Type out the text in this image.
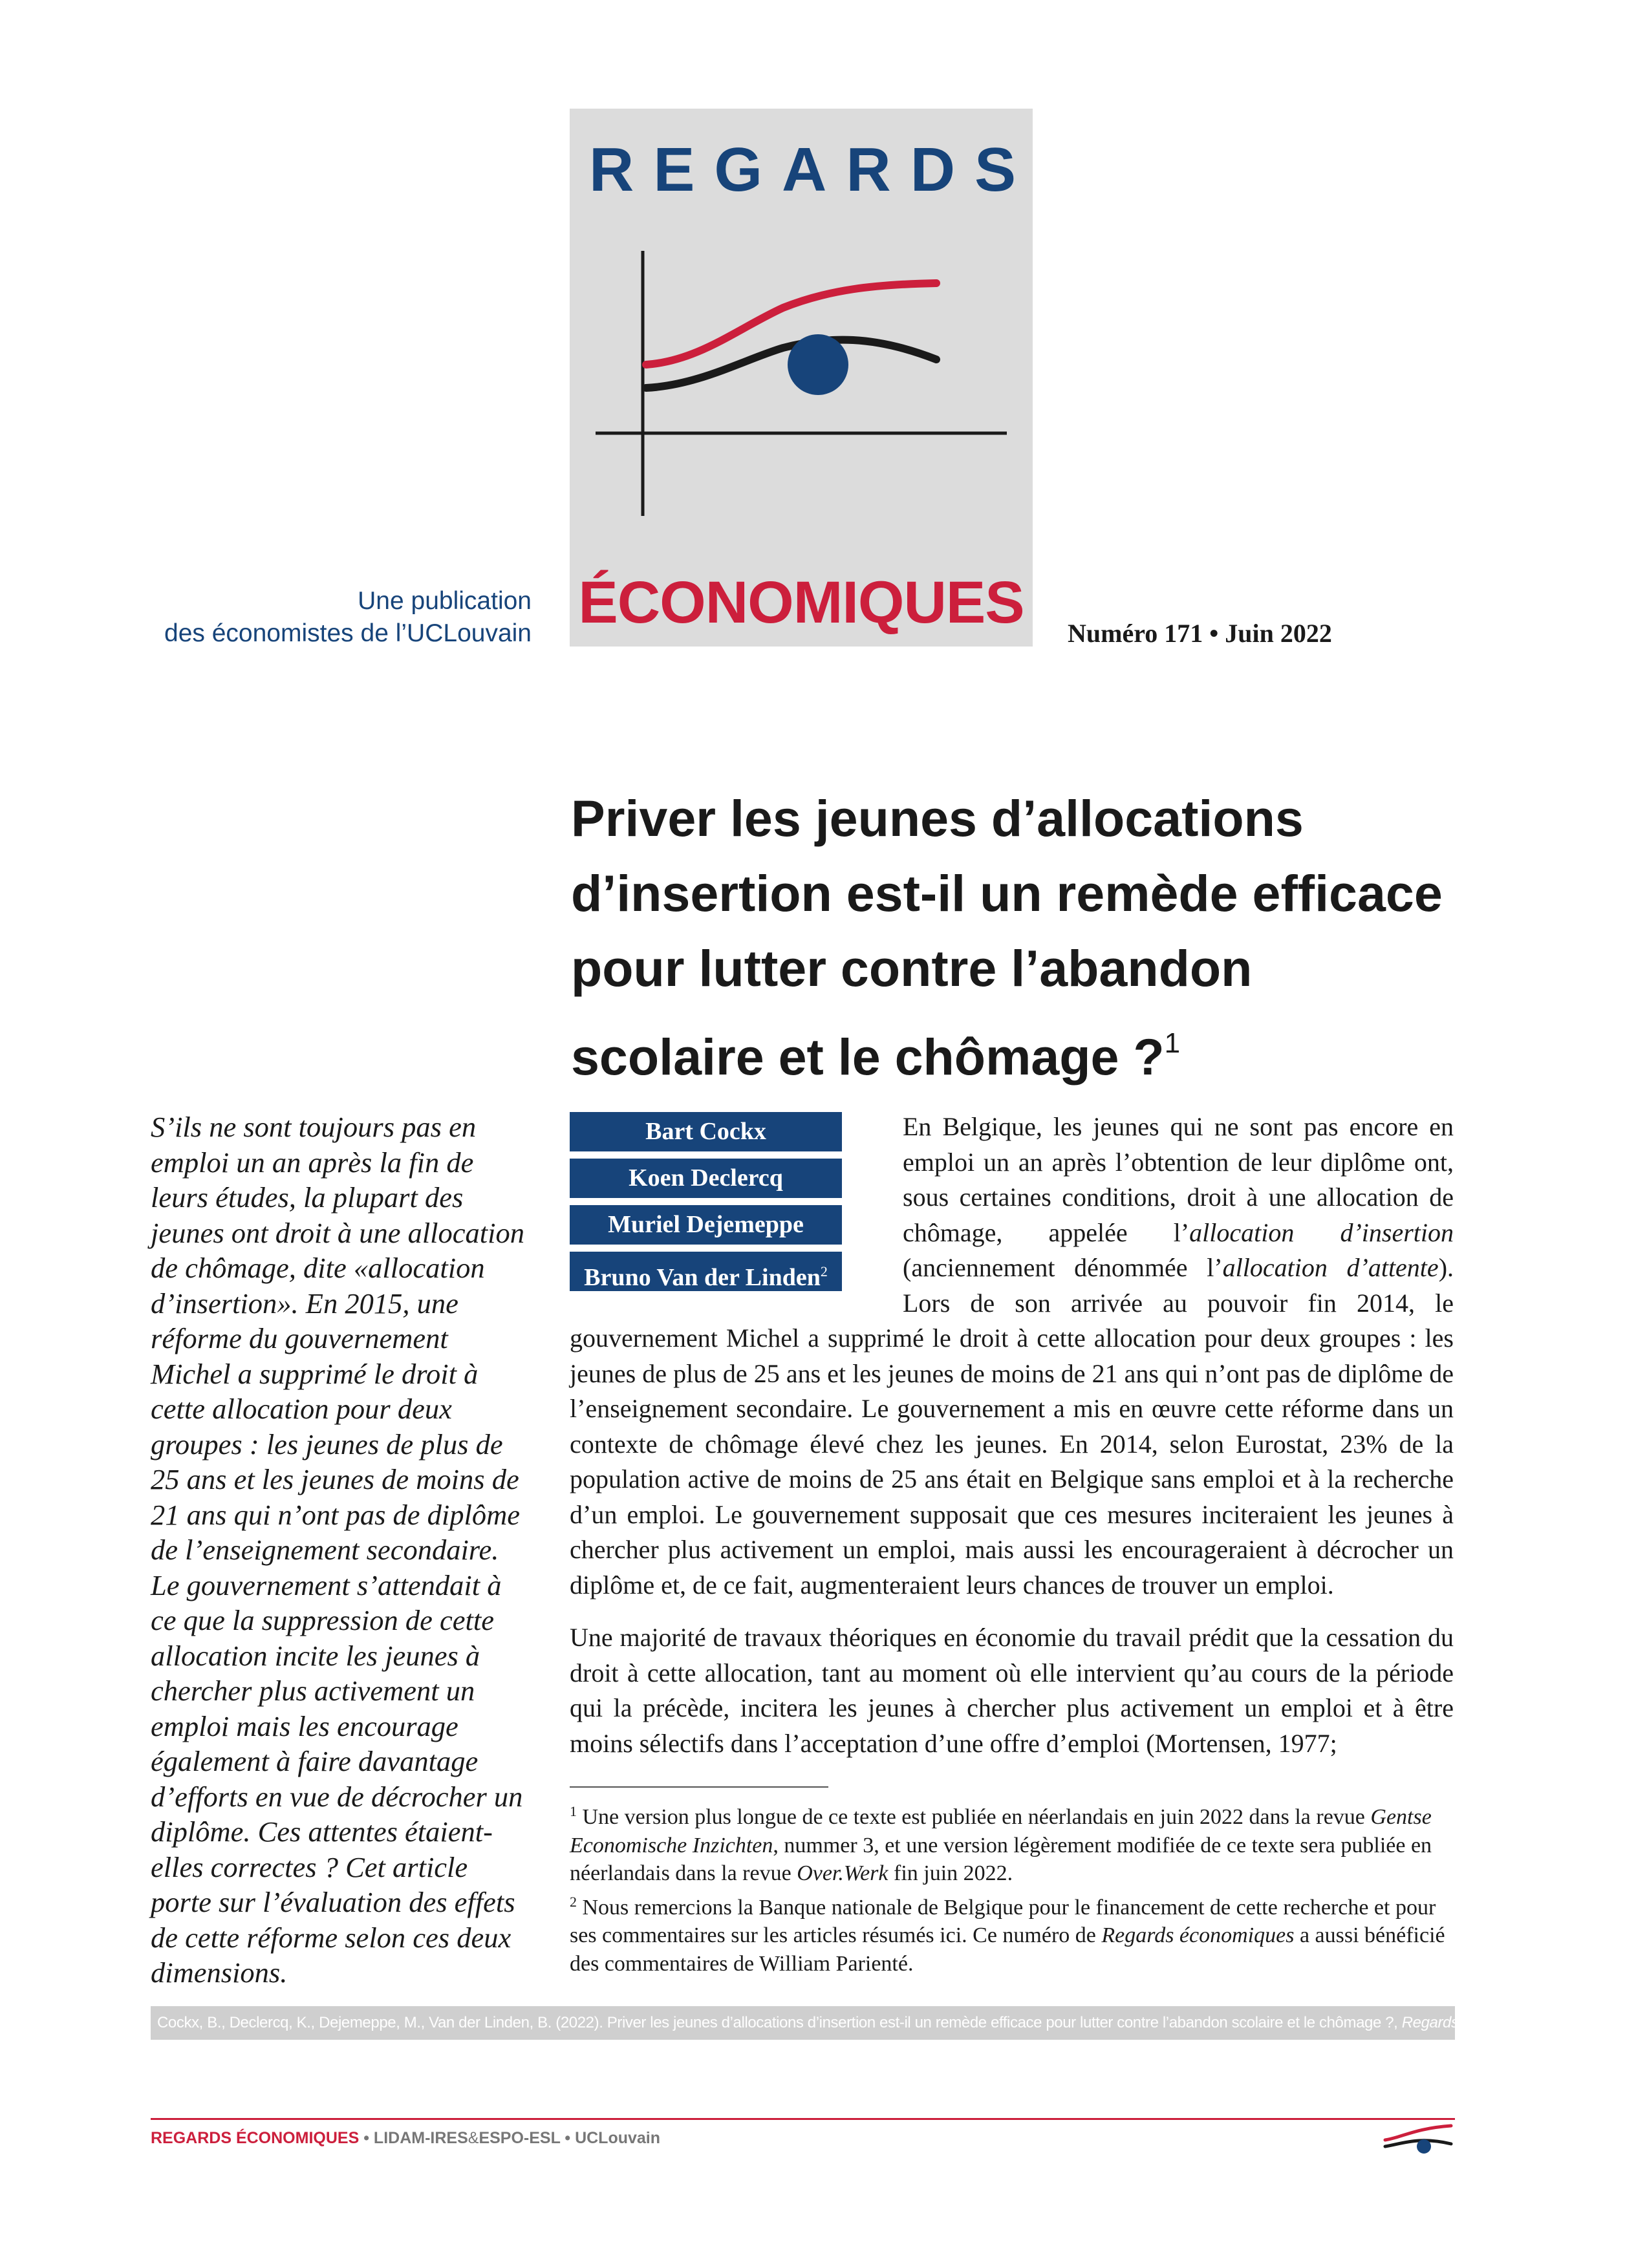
REGARDS
ÉCONOMIQUES
Une publication
des économistes de l’UCLouvain	Numéro 171 • Juin 2022
Priver les jeunes d’allocations
d’insertion est-il un remède efficace
pour lutter contre l’abandon
scolaire et le chômage ?$^1$
S’ils ne sont toujours pas en emploi un an après la fin de leurs études, la plupart des jeunes ont droit à une allocation de chômage, dite «allocation d’insertion». En 2015, une réforme du gouvernement Michel a supprimé le droit à cette allocation pour deux groupes : les jeunes de plus de 25 ans et les jeunes de moins de 21 ans qui n’ont pas de diplôme de l’enseignement secondaire. Le gouvernement s’attendait à ce que la suppression de cette allocation incite les jeunes à chercher plus activement un emploi mais les encourage également à faire davantage d’efforts en vue de décrocher un diplôme. Ces attentes étaient-elles correctes ? Cet article porte sur l’évaluation des effets de cette réforme selon ces deux dimensions.
Bart Cockx
Koen Declercq
Muriel Dejemeppe
Bruno Van der Linden$^2$

En Belgique, les jeunes qui ne sont pas encore en emploi un an après l’obtention de leur diplôme ont, sous certaines conditions, droit à une allocation de chômage, appelée l’allocation d’insertion (anciennement dénommée l’allocation d’attente). Lors de son arrivée au pouvoir fin 2014, le gouvernement Michel a supprimé le droit à cette allocation pour deux groupes : les jeunes de plus de 25 ans et les jeunes de moins de 21 ans qui n’ont pas de diplôme de l’enseignement secondaire. Le gouvernement a mis en œuvre cette réforme dans un contexte de chômage élevé chez les jeunes. En 2014, selon Eurostat, 23% de la population active de moins de 25 ans était en Belgique sans emploi et à la recherche d’un emploi. Le gouvernement supposait que ces mesures inciteraient les jeunes à chercher plus activement un emploi, mais aussi les encourageraient à décrocher un diplôme et, de ce fait, augmenteraient leurs chances de trouver un emploi.

Une majorité de travaux théoriques en économie du travail prédit que la cessation du droit à cette allocation, tant au moment où elle intervient qu’au cours de la période qui la précède, incitera les jeunes à chercher plus activement un emploi et à être moins sélectifs dans l’acceptation d’une offre d’emploi (Mortensen, 1977;

$^1$ Une version plus longue de ce texte est publiée en néerlandais en juin 2022 dans la revue Gentse Economische Inzichten, nummer 3, et une version légèrement modifiée de ce texte sera publiée en néerlandais dans la revue Over.Werk fin juin 2022.

$^2$ Nous remercions la Banque nationale de Belgique pour le financement de cette recherche et pour ses commentaires sur les articles résumés ici. Ce numéro de Regards économiques a aussi bénéficié des commentaires de William Parienté.

Cockx, B., Declercq, K., Dejemeppe, M., Van der Linden, B. (2022). Priver les jeunes d’allocations d’insertion est-il un remède efficace pour lutter contre l’abandon scolaire et le chômage ?, Regards économiques, Numéro 171.
REGARDS ÉCONOMIQUES • LIDAM-IRES&ESPO-ESL • UCLouvain
